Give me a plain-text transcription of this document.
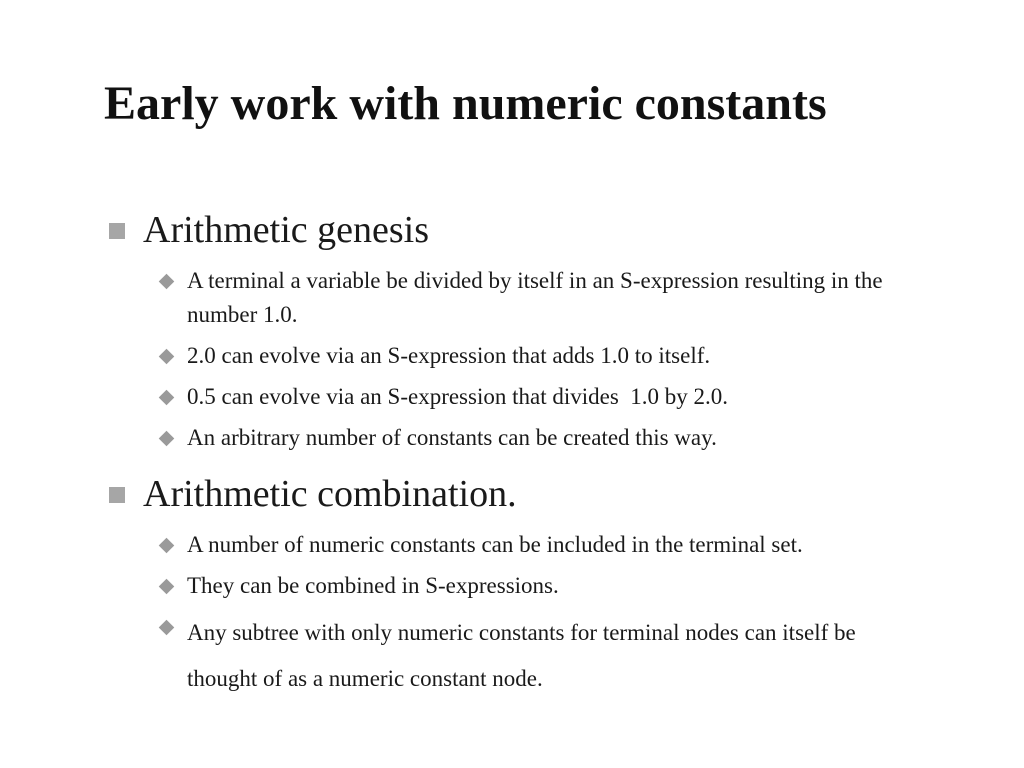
Early work with numeric constants

Arithmetic genesis

A terminal a variable be divided by itself in an S-expression resulting in the number 1.0.

2.0 can evolve via an S-expression that adds 1.0 to itself.

0.5 can evolve via an S-expression that divides  1.0 by 2.0.

An arbitrary number of constants can be created this way.

Arithmetic combination.

A number of numeric constants can be included in the terminal set.

They can be combined in S-expressions.

Any subtree with only numeric constants for terminal nodes can itself be thought of as a numeric constant node.
